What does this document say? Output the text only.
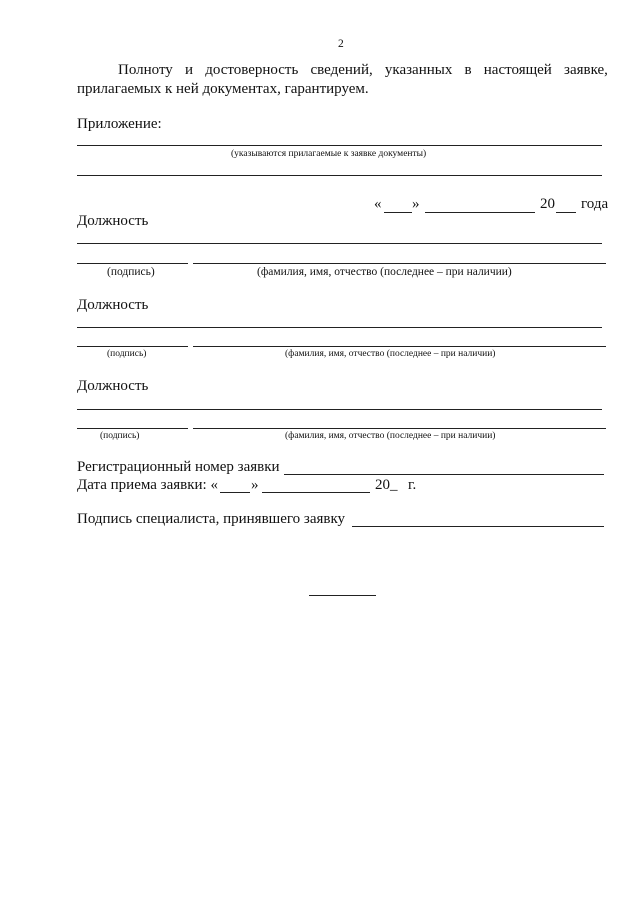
2
Полноту и достоверность сведений, указанных в настоящей заявке,
прилагаемых к ней документах, гарантируем.
Приложение:
(указываются прилагаемые к заявке документы)
« »	20 года
Должность
(подпись)	(фамилия, имя, отчество (последнее – при наличии)
Должность
(подпись)	(фамилия, имя, отчество (последнее – при наличии)
Должность
(подпись)	(фамилия, имя, отчество (последнее – при наличии)
Регистрационный номер заявки
Дата приема заявки: « »	20_ г.
Подпись специалиста, принявшего заявку
